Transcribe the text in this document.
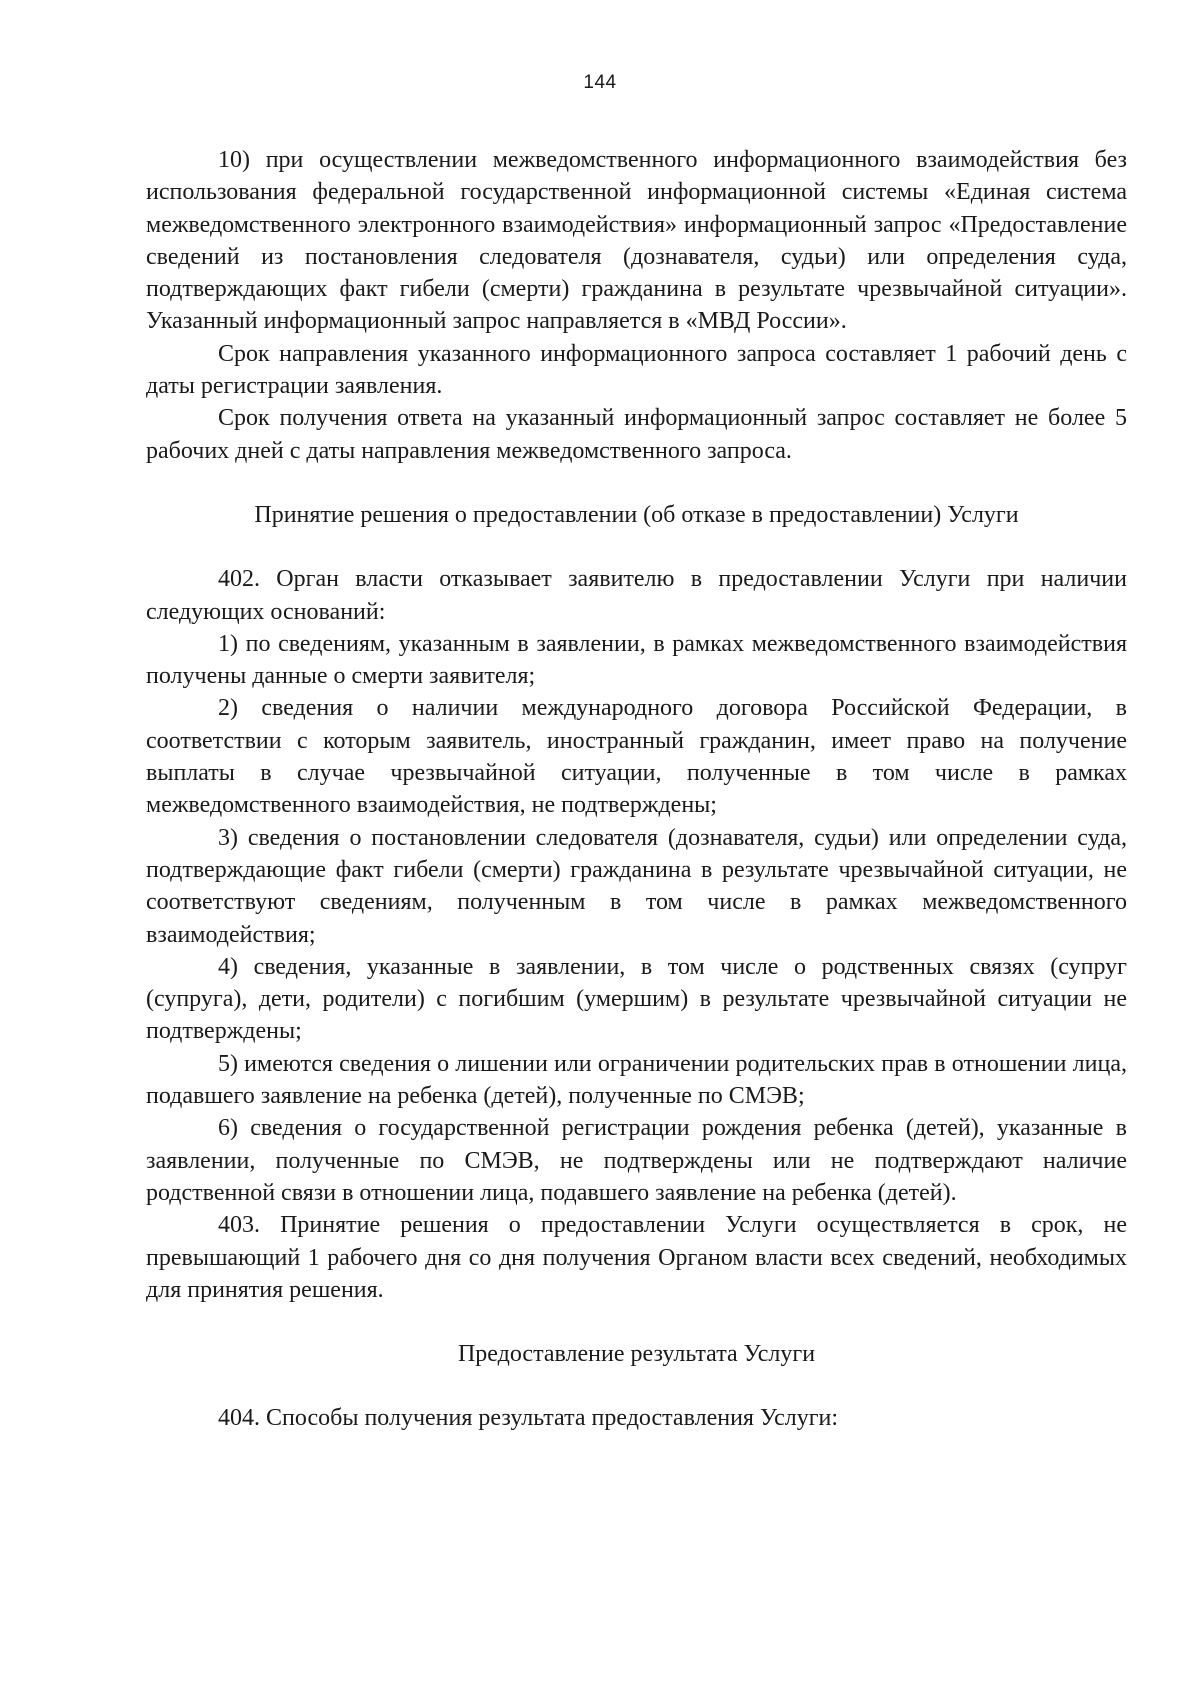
144

10) при осуществлении межведомственного информационного взаимодействия без использования федеральной государственной информационной системы «Единая система межведомственного электронного взаимодействия» информационный запрос «Предоставление сведений из постановления следователя (дознавателя, судьи) или определения суда, подтверждающих факт гибели (смерти) гражданина в результате чрезвычайной ситуации». Указанный информационный запрос направляется в «МВД России».

Срок направления указанного информационного запроса составляет 1 рабочий день с даты регистрации заявления.

Срок получения ответа на указанный информационный запрос составляет не более 5 рабочих дней с даты направления межведомственного запроса.

Принятие решения о предоставлении (об отказе в предоставлении) Услуги

402. Орган власти отказывает заявителю в предоставлении Услуги при наличии следующих оснований:

1) по сведениям, указанным в заявлении, в рамках межведомственного взаимодействия получены данные о смерти заявителя;

2) сведения о наличии международного договора Российской Федерации, в соответствии с которым заявитель, иностранный гражданин, имеет право на получение выплаты в случае чрезвычайной ситуации, полученные в том числе в рамках межведомственного взаимодействия, не подтверждены;

3) сведения о постановлении следователя (дознавателя, судьи) или определении суда, подтверждающие факт гибели (смерти) гражданина в результате чрезвычайной ситуации, не соответствуют сведениям, полученным в том числе в рамках межведомственного взаимодействия;

4) сведения, указанные в заявлении, в том числе о родственных связях (супруг (супруга), дети, родители) с погибшим (умершим) в результате чрезвычайной ситуации не подтверждены;

5) имеются сведения о лишении или ограничении родительских прав в отношении лица, подавшего заявление на ребенка (детей), полученные по СМЭВ;

6) сведения о государственной регистрации рождения ребенка (детей), указанные в заявлении, полученные по СМЭВ, не подтверждены или не подтверждают наличие родственной связи в отношении лица, подавшего заявление на ребенка (детей).

403. Принятие решения о предоставлении Услуги осуществляется в срок, не превышающий 1 рабочего дня со дня получения Органом власти всех сведений, необходимых для принятия решения.

Предоставление результата Услуги

404. Способы получения результата предоставления Услуги:
